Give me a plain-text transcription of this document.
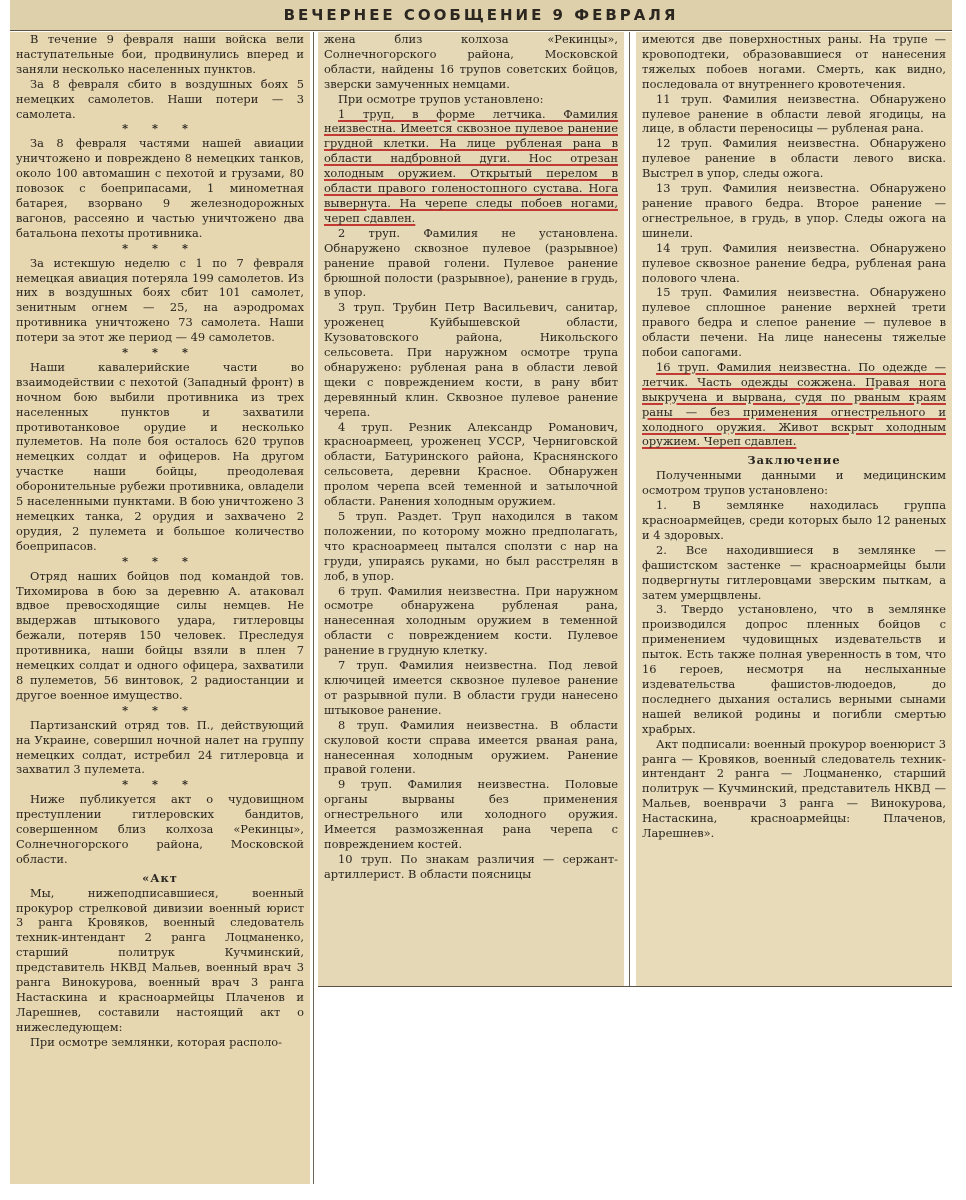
ВЕЧЕРНЕЕ СООБЩЕНИЕ 9 ФЕВРАЛЯ

В течение 9 февраля наши войска вели наступательные бои, продвинулись вперед и заняли несколько населенных пунктов.

За 8 февраля сбито в воздушных боях 5 немецких самолетов. Наши потери — 3 самолета.

* * *

За 8 февраля частями нашей авиации уничтожено и повреждено 8 немецких танков, около 100 автомашин с пехотой и грузами, 80 повозок с боеприпасами, 1 минометная батарея, взорвано 9 железнодорожных вагонов, рассеяно и частью уничтожено два батальона пехоты противника.

* * *

За истекшую неделю с 1 по 7 февраля немецкая авиация потеряла 199 самолетов. Из них в воздушных боях сбит 101 самолет, зенитным огнем — 25, на аэродромах противника уничтожено 73 самолета. Наши потери за этот же период — 49 самолетов.

* * *

Наши кавалерийские части во взаимодействии с пехотой (Западный фронт) в ночном бою выбили противника из трех населенных пунктов и захватили противотанковое орудие и несколько пулеметов. На поле боя осталось 620 трупов немецких солдат и офицеров. На другом участке наши бойцы, преодолевая оборонительные рубежи противника, овладели 5 населенными пунктами. В бою уничтожено 3 немецких танка, 2 орудия и захвачено 2 орудия, 2 пулемета и большое количество боеприпасов.

* * *

Отряд наших бойцов под командой тов. Тихомирова в бою за деревню А. атаковал вдвое превосходящие силы немцев. Не выдержав штыкового удара, гитлеровцы бежали, потеряв 150 человек. Преследуя противника, наши бойцы взяли в плен 7 немецких солдат и одного офицера, захватили 8 пулеметов, 56 винтовок, 2 радиостанции и другое военное имущество.

* * *

Партизанский отряд тов. П., действующий на Украине, совершил ночной налет на группу немецких солдат, истребил 24 гитлеровца и захватил 3 пулемета.

* * *

Ниже публикуется акт о чудовищном преступлении гитлеровских бандитов, совершенном близ колхоза «Рекинцы», Солнечногорского района, Московской области.

«Акт

Мы, нижеподписавшиеся, военный прокурор стрелковой дивизии военный юрист 3 ранга Кровяков, военный следователь техник-интендант 2 ранга Лоцманенко, старший политрук Кучминский, представитель НКВД Мальев, военный врач 3 ранга Винокурова, военный врач 3 ранга Настаскина и красноармейцы Плаченов и Ларешнев, составили настоящий акт о нижеследующем:

При осмотре землянки, которая располо-

жена близ колхоза «Рекинцы», Солнечногорского района, Московской области, найдены 16 трупов советских бойцов, зверски замученных немцами.

При осмотре трупов установлено:

1 труп, в форме летчика. Фамилия неизвестна. Имеется сквозное пулевое ранение грудной клетки. На лице рубленая рана в области надбровной дуги. Нос отрезан холодным оружием. Открытый перелом в области правого голеностопного сустава. Нога вывернута. На черепе следы побоев ногами, череп сдавлен.

2 труп. Фамилия не установлена. Обнаружено сквозное пулевое (разрывное) ранение правой голени. Пулевое ранение брюшной полости (разрывное), ранение в грудь, в упор.

3 труп. Трубин Петр Васильевич, санитар, уроженец Куйбышевской области, Кузоватовского района, Никольского сельсовета. При наружном осмотре трупа обнаружено: рубленая рана в области левой щеки с повреждением кости, в рану вбит деревянный клин. Сквозное пулевое ранение черепа.

4 труп. Резник Александр Романович, красноармеец, уроженец УССР, Черниговской области, Батуринского района, Краснянского сельсовета, деревни Красное. Обнаружен пролом черепа всей теменной и затылочной области. Ранения холодным оружием.

5 труп. Раздет. Труп находился в таком положении, по которому можно предполагать, что красноармеец пытался сползти с нар на груди, упираясь руками, но был расстрелян в лоб, в упор.

6 труп. Фамилия неизвестна. При наружном осмотре обнаружена рубленая рана, нанесенная холодным оружием в теменной области с повреждением кости. Пулевое ранение в грудную клетку.

7 труп. Фамилия неизвестна. Под левой ключицей имеется сквозное пулевое ранение от разрывной пули. В области груди нанесено штыковое ранение.

8 труп. Фамилия неизвестна. В области скуловой кости справа имеется рваная рана, нанесенная холодным оружием. Ранение правой голени.

9 труп. Фамилия неизвестна. Половые органы вырваны без применения огнестрельного или холодного оружия. Имеется размозженная рана черепа с повреждением костей.

10 труп. По знакам различия — сержант-артиллерист. В области поясницы

имеются две поверхностных раны. На трупе — кровоподтеки, образовавшиеся от нанесения тяжелых побоев ногами. Смерть, как видно, последовала от внутреннего кровотечения.

11 труп. Фамилия неизвестна. Обнаружено пулевое ранение в области левой ягодицы, на лице, в области переносицы — рубленая рана.

12 труп. Фамилия неизвестна. Обнаружено пулевое ранение в области левого виска. Выстрел в упор, следы ожога.

13 труп. Фамилия неизвестна. Обнаружено ранение правого бедра. Второе ранение — огнестрельное, в грудь, в упор. Следы ожога на шинели.

14 труп. Фамилия неизвестна. Обнаружено пулевое сквозное ранение бедра, рубленая рана полового члена.

15 труп. Фамилия неизвестна. Обнаружено пулевое сплошное ранение верхней трети правого бедра и слепое ранение — пулевое в области печени. На лице нанесены тяжелые побои сапогами.

16 труп. Фамилия неизвестна. По одежде — летчик. Часть одежды сожжена. Правая нога выкручена и вырвана, судя по рваным краям раны — без применения огнестрельного и холодного оружия. Живот вскрыт холодным оружием. Череп сдавлен.

Заключение

Полученными данными и медицинским осмотром трупов установлено:

1. В землянке находилась группа красноармейцев, среди которых было 12 раненых и 4 здоровых.

2. Все находившиеся в землянке — фашистском застенке — красноармейцы были подвергнуты гитлеровцами зверским пыткам, а затем умерщвлены.

3. Твердо установлено, что в землянке производился допрос пленных бойцов с применением чудовищных издевательств и пыток. Есть также полная уверенность в том, что 16 героев, несмотря на неслыханные издевательства фашистов-людоедов, до последнего дыхания остались верными сынами нашей великой родины и погибли смертью храбрых.

Акт подписали: военный прокурор военюрист 3 ранга — Кровяков, военный следователь техник-интендант 2 ранга — Лоцманенко, старший политрук — Кучминский, представитель НКВД — Мальев, военврачи 3 ранга — Винокурова, Настаскина, красноармейцы: Плаченов, Ларешнев».
